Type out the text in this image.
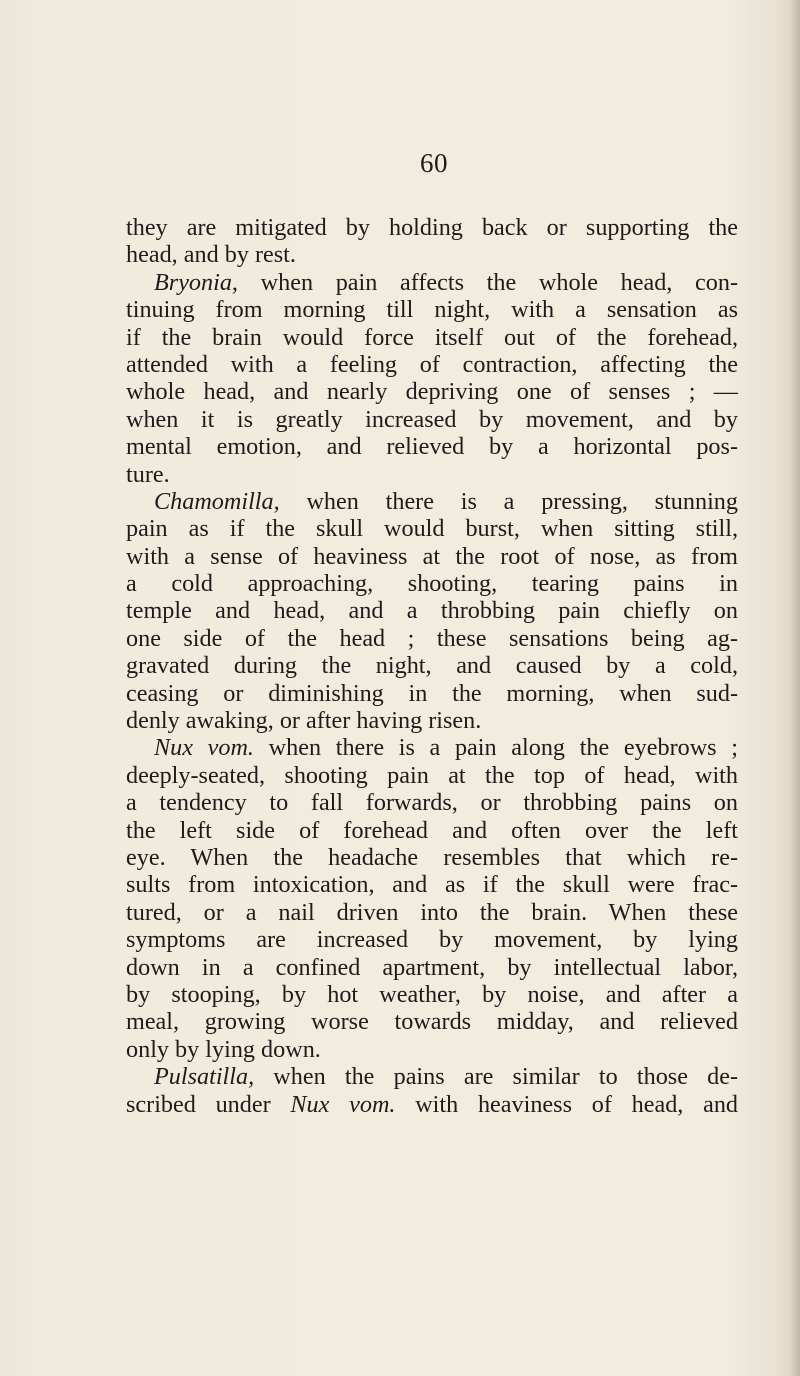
60
they are mitigated by holding back or supporting the
head, and by rest.
Bryonia, when pain affects the whole head, con-
tinuing from morning till night, with a sensation as
if the brain would force itself out of the forehead,
attended with a feeling of contraction, affecting the
whole head, and nearly depriving one of senses ; —
when it is greatly increased by movement, and by
mental emotion, and relieved by a horizontal pos-
ture.
Chamomilla, when there is a pressing, stunning
pain as if the skull would burst, when sitting still,
with a sense of heaviness at the root of nose, as from
a cold approaching, shooting, tearing pains in
temple and head, and a throbbing pain chiefly on
one side of the head ; these sensations being ag-
gravated during the night, and caused by a cold,
ceasing or diminishing in the morning, when sud-
denly awaking, or after having risen.
Nux vom. when there is a pain along the eyebrows ;
deeply-seated, shooting pain at the top of head, with
a tendency to fall forwards, or throbbing pains on
the left side of forehead and often over the left
eye. When the headache resembles that which re-
sults from intoxication, and as if the skull were frac-
tured, or a nail driven into the brain. When these
symptoms are increased by movement, by lying
down in a confined apartment, by intellectual labor,
by stooping, by hot weather, by noise, and after a
meal, growing worse towards midday, and relieved
only by lying down.
Pulsatilla, when the pains are similar to those de-
scribed under Nux vom. with heaviness of head, and
